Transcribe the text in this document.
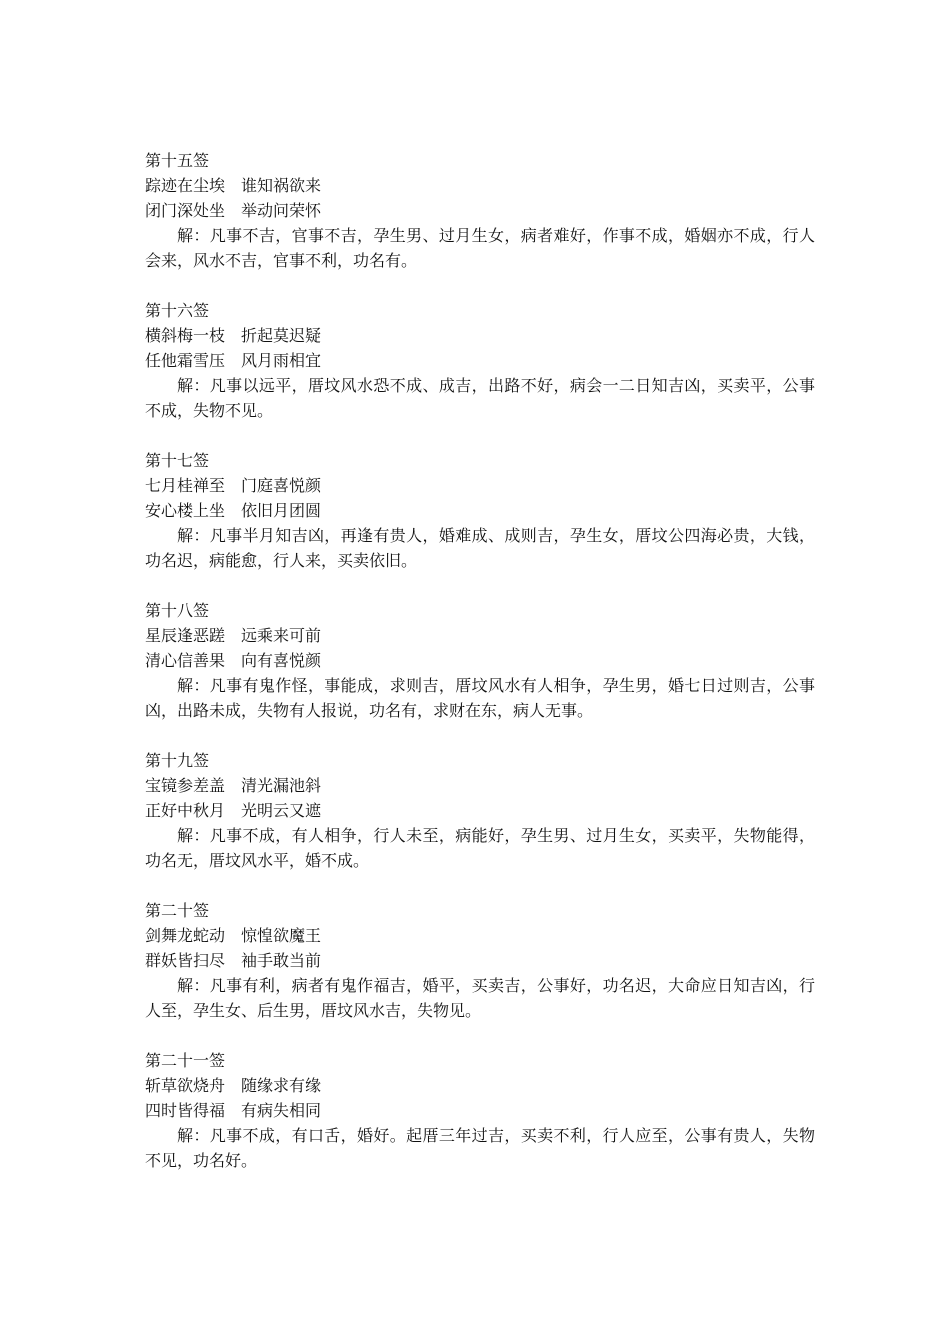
第十五签
踪迹在尘埃 谁知祸欲来
闭门深处坐 举动问荣怀

解：凡事不吉，官事不吉，孕生男、过月生女，病者难好，作事不成，婚姻亦不成，行人会来，风水不吉，官事不利，功名有。

第十六签
横斜梅一枝 折起莫迟疑
任他霜雪压 风月雨相宜

解：凡事以远平，厝坟风水恐不成、成吉，出路不好，病会一二日知吉凶，买卖平，公事不成，失物不见。

第十七签
七月桂禅至 门庭喜悦颜
安心楼上坐 依旧月团圆

解：凡事半月知吉凶，再逢有贵人，婚难成、成则吉，孕生女，厝坟公四海必贵，大钱，功名迟，病能愈，行人来，买卖依旧。

第十八签
星辰逢恶蹉 远乘来可前
清心信善果 向有喜悦颜

解：凡事有鬼作怪，事能成，求则吉，厝坟风水有人相争，孕生男，婚七日过则吉，公事凶，出路未成，失物有人报说，功名有，求财在东，病人无事。

第十九签
宝镜参差盖 清光漏池斜
正好中秋月 光明云又遮

解：凡事不成，有人相争，行人未至，病能好，孕生男、过月生女，买卖平，失物能得，功名无，厝坟风水平，婚不成。

第二十签
剑舞龙蛇动 惊惶欲魔王
群妖皆扫尽 袖手敢当前

解：凡事有利，病者有鬼作福吉，婚平，买卖吉，公事好，功名迟，大命应日知吉凶，行人至，孕生女、后生男，厝坟风水吉，失物见。

第二十一签
斩草欲烧舟 随缘求有缘
四时皆得福 有病失相同

解：凡事不成，有口舌，婚好。起厝三年过吉，买卖不利，行人应至，公事有贵人，失物不见，功名好。
